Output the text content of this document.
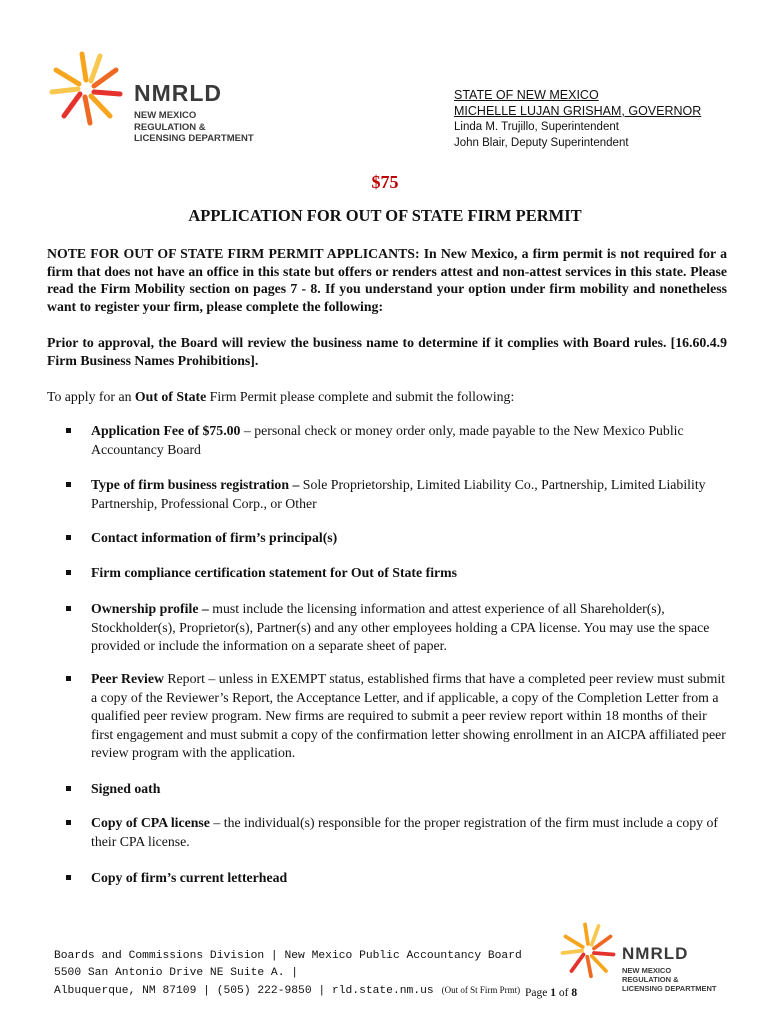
NMRLD
NEW MEXICO
REGULATION &
LICENSING DEPARTMENT
STATE OF NEW MEXICO
MICHELLE LUJAN GRISHAM, GOVERNOR
Linda M. Trujillo, Superintendent
John Blair, Deputy Superintendent
$75
APPLICATION FOR OUT OF STATE FIRM PERMIT
NOTE FOR OUT OF STATE FIRM PERMIT APPLICANTS: In New Mexico, a firm permit is not required for a firm that does not have an office in this state but offers or renders attest and non-attest services in this state. Please read the Firm Mobility section on pages 7 - 8. If you understand your option under firm mobility and nonetheless want to register your firm, please complete the following:
Prior to approval, the Board will review the business name to determine if it complies with Board rules. [16.60.4.9 Firm Business Names Prohibitions].
To apply for an Out of State Firm Permit please complete and submit the following:
Application Fee of $75.00 – personal check or money order only, made payable to the New Mexico Public Accountancy Board
Type of firm business registration – Sole Proprietorship, Limited Liability Co., Partnership, Limited Liability Partnership, Professional Corp., or Other
Contact information of firm’s principal(s)
Firm compliance certification statement for Out of State firms
Ownership profile – must include the licensing information and attest experience of all Shareholder(s), Stockholder(s), Proprietor(s), Partner(s) and any other employees holding a CPA license. You may use the space provided or include the information on a separate sheet of paper.
Peer Review Report – unless in EXEMPT status, established firms that have a completed peer review must submit a copy of the Reviewer’s Report, the Acceptance Letter, and if applicable, a copy of the Completion Letter from a qualified peer review program. New firms are required to submit a peer review report within 18 months of their first engagement and must submit a copy of the confirmation letter showing enrollment in an AICPA affiliated peer review program with the application.
Signed oath
Copy of CPA license – the individual(s) responsible for the proper registration of the firm must include a copy of their CPA license.
Copy of firm’s current letterhead
Boards and Commissions Division | New Mexico Public Accountancy Board
5500 San Antonio Drive NE Suite A. |
Albuquerque, NM 87109 | (505) 222-9850 | rld.state.nm.us (Out of St Firm Prmt) Page 1 of 8
NMRLD
NEW MEXICO
REGULATION &
LICENSING DEPARTMENT
